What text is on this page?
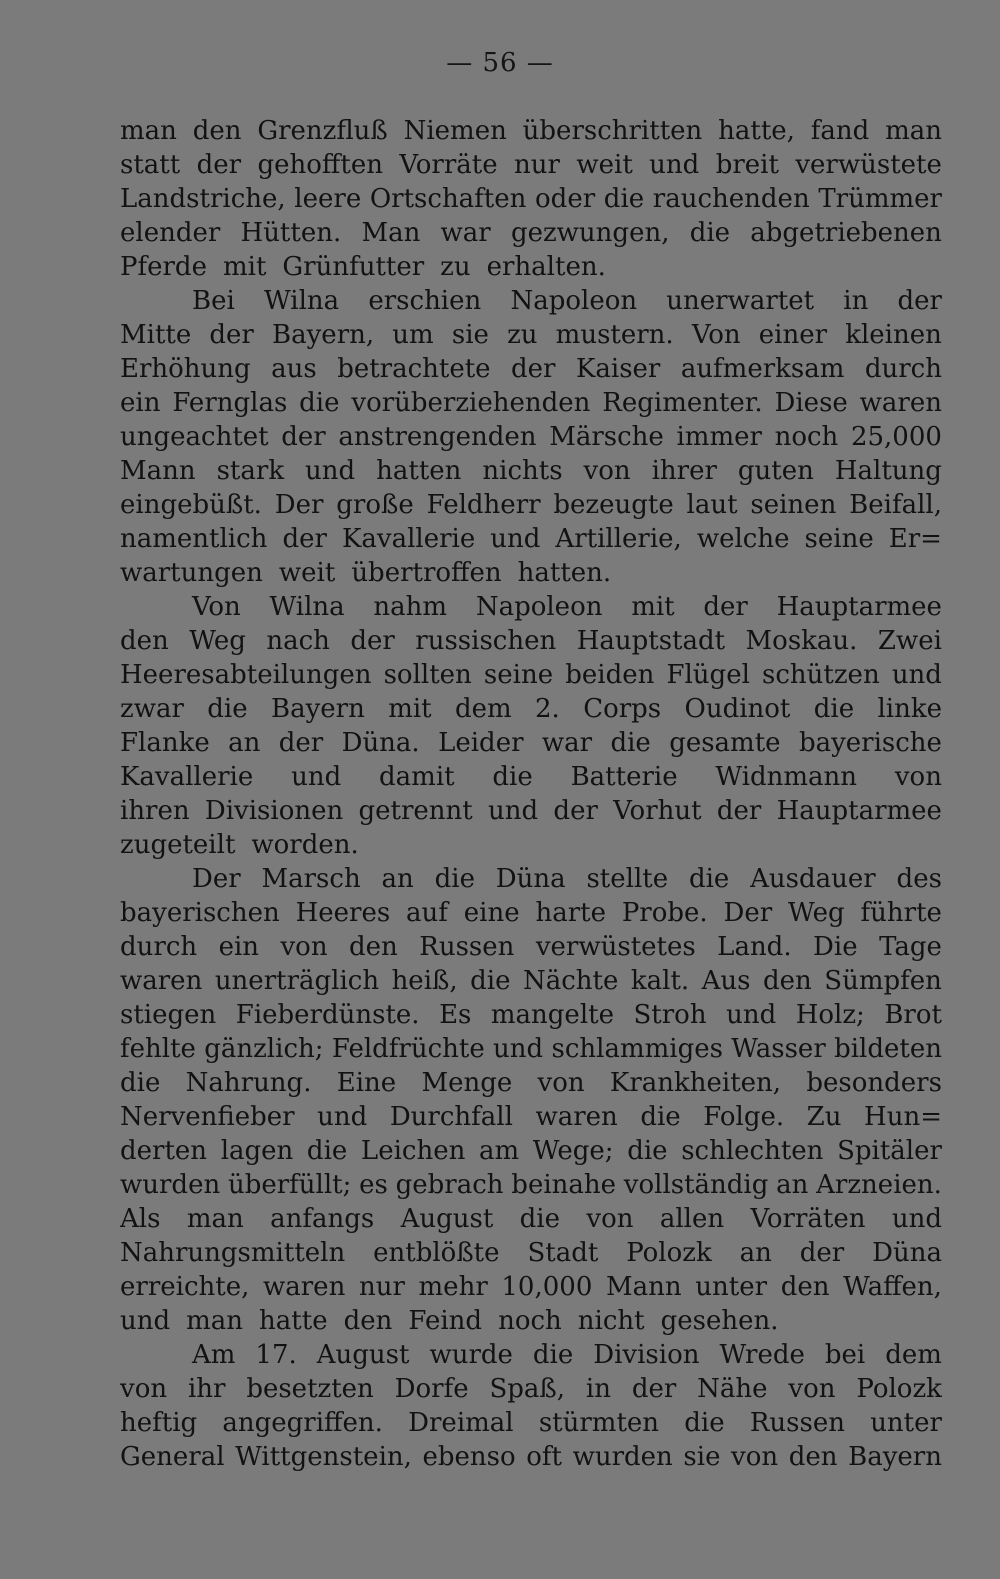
— 56 —
man den Grenzfluß Niemen überschritten hatte, fand man
statt der gehofften Vorräte nur weit und breit verwüstete
Landstriche, leere Ortschaften oder die rauchenden Trümmer
elender Hütten. Man war gezwungen, die abgetriebenen
Pferde mit Grünfutter zu erhalten.
Bei Wilna erschien Napoleon unerwartet in der
Mitte der Bayern, um sie zu mustern. Von einer kleinen
Erhöhung aus betrachtete der Kaiser aufmerksam durch
ein Fernglas die vorüberziehenden Regimenter. Diese waren
ungeachtet der anstrengenden Märsche immer noch 25,000
Mann stark und hatten nichts von ihrer guten Haltung
eingebüßt. Der große Feldherr bezeugte laut seinen Beifall,
namentlich der Kavallerie und Artillerie, welche seine Er=
wartungen weit übertroffen hatten.
Von Wilna nahm Napoleon mit der Hauptarmee
den Weg nach der russischen Hauptstadt Moskau. Zwei
Heeresabteilungen sollten seine beiden Flügel schützen und
zwar die Bayern mit dem 2. Corps Oudinot die linke
Flanke an der Düna. Leider war die gesamte bayerische
Kavallerie und damit die Batterie Widnmann von
ihren Divisionen getrennt und der Vorhut der Hauptarmee
zugeteilt worden.
Der Marsch an die Düna stellte die Ausdauer des
bayerischen Heeres auf eine harte Probe. Der Weg führte
durch ein von den Russen verwüstetes Land. Die Tage
waren unerträglich heiß, die Nächte kalt. Aus den Sümpfen
stiegen Fieberdünste. Es mangelte Stroh und Holz; Brot
fehlte gänzlich; Feldfrüchte und schlammiges Wasser bildeten
die Nahrung. Eine Menge von Krankheiten, besonders
Nervenfieber und Durchfall waren die Folge. Zu Hun=
derten lagen die Leichen am Wege; die schlechten Spitäler
wurden überfüllt; es gebrach beinahe vollständig an Arzneien.
Als man anfangs August die von allen Vorräten und
Nahrungsmitteln entblößte Stadt Polozk an der Düna
erreichte, waren nur mehr 10,000 Mann unter den Waffen,
und man hatte den Feind noch nicht gesehen.
Am 17. August wurde die Division Wrede bei dem
von ihr besetzten Dorfe Spaß, in der Nähe von Polozk
heftig angegriffen. Dreimal stürmten die Russen unter
General Wittgenstein, ebenso oft wurden sie von den Bayern
